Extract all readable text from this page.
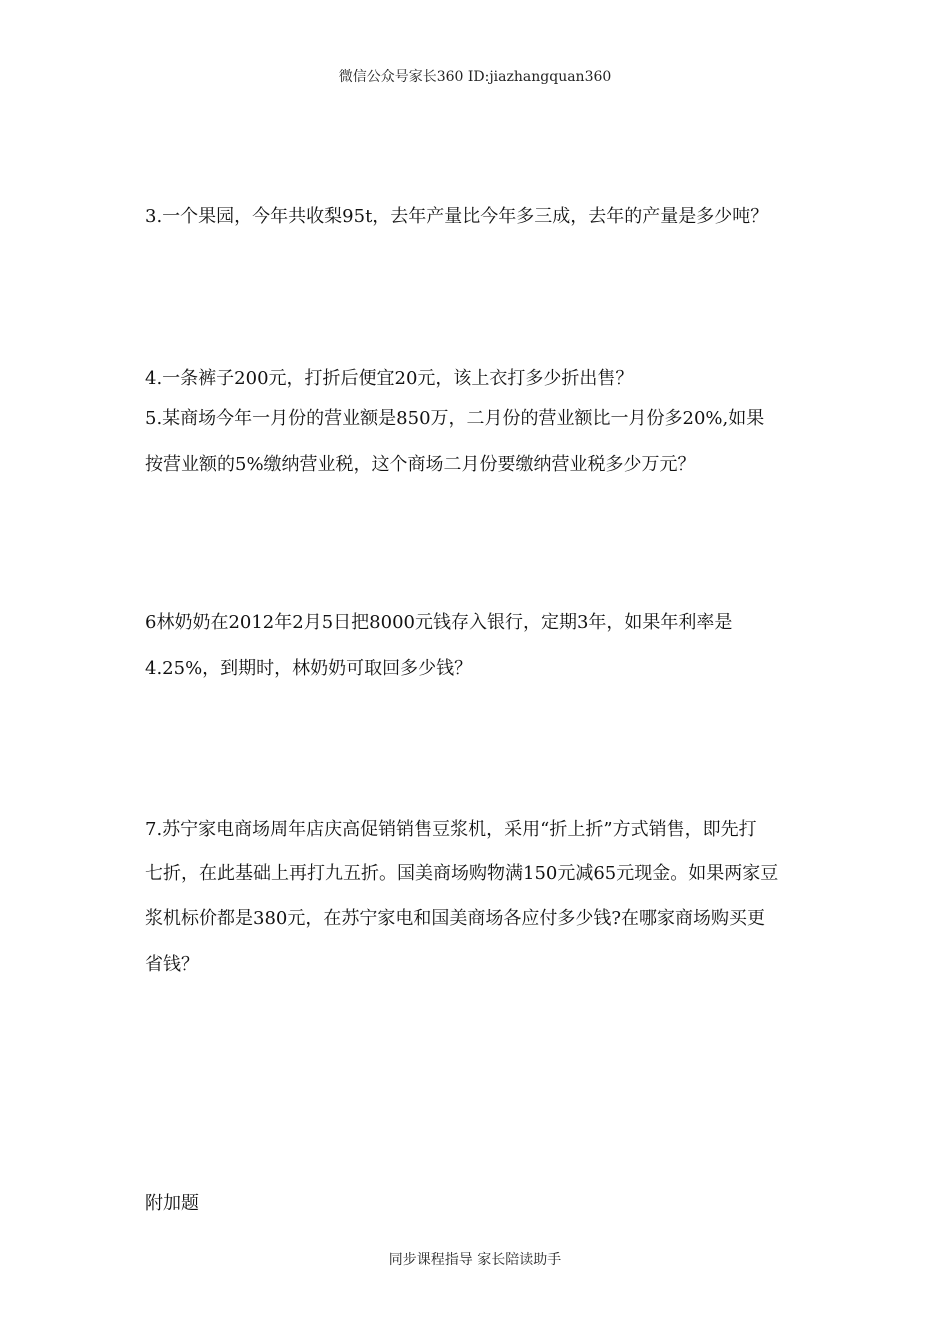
微信公众号家长360 ID:jiazhangquan360
3.一个果园，今年共收梨95t，去年产量比今年多三成，去年的产量是多少吨？
4.一条裤子200元，打折后便宜20元，该上衣打多少折出售？
5.某商场今年一月份的营业额是850万，二月份的营业额比一月份多20%,如果
按营业额的5%缴纳营业税，这个商场二月份要缴纳营业税多少万元？
6林奶奶在2012年2月5日把8000元钱存入银行，定期3年，如果年利率是
4.25%，到期时，林奶奶可取回多少钱？
7.苏宁家电商场周年店庆高促销销售豆浆机，采用“折上折”方式销售，即先打
七折，在此基础上再打九五折。国美商场购物满150元减65元现金。如果两家豆
浆机标价都是380元，在苏宁家电和国美商场各应付多少钱?在哪家商场购买更
省钱？
附加题
同步课程指导 家长陪读助手
